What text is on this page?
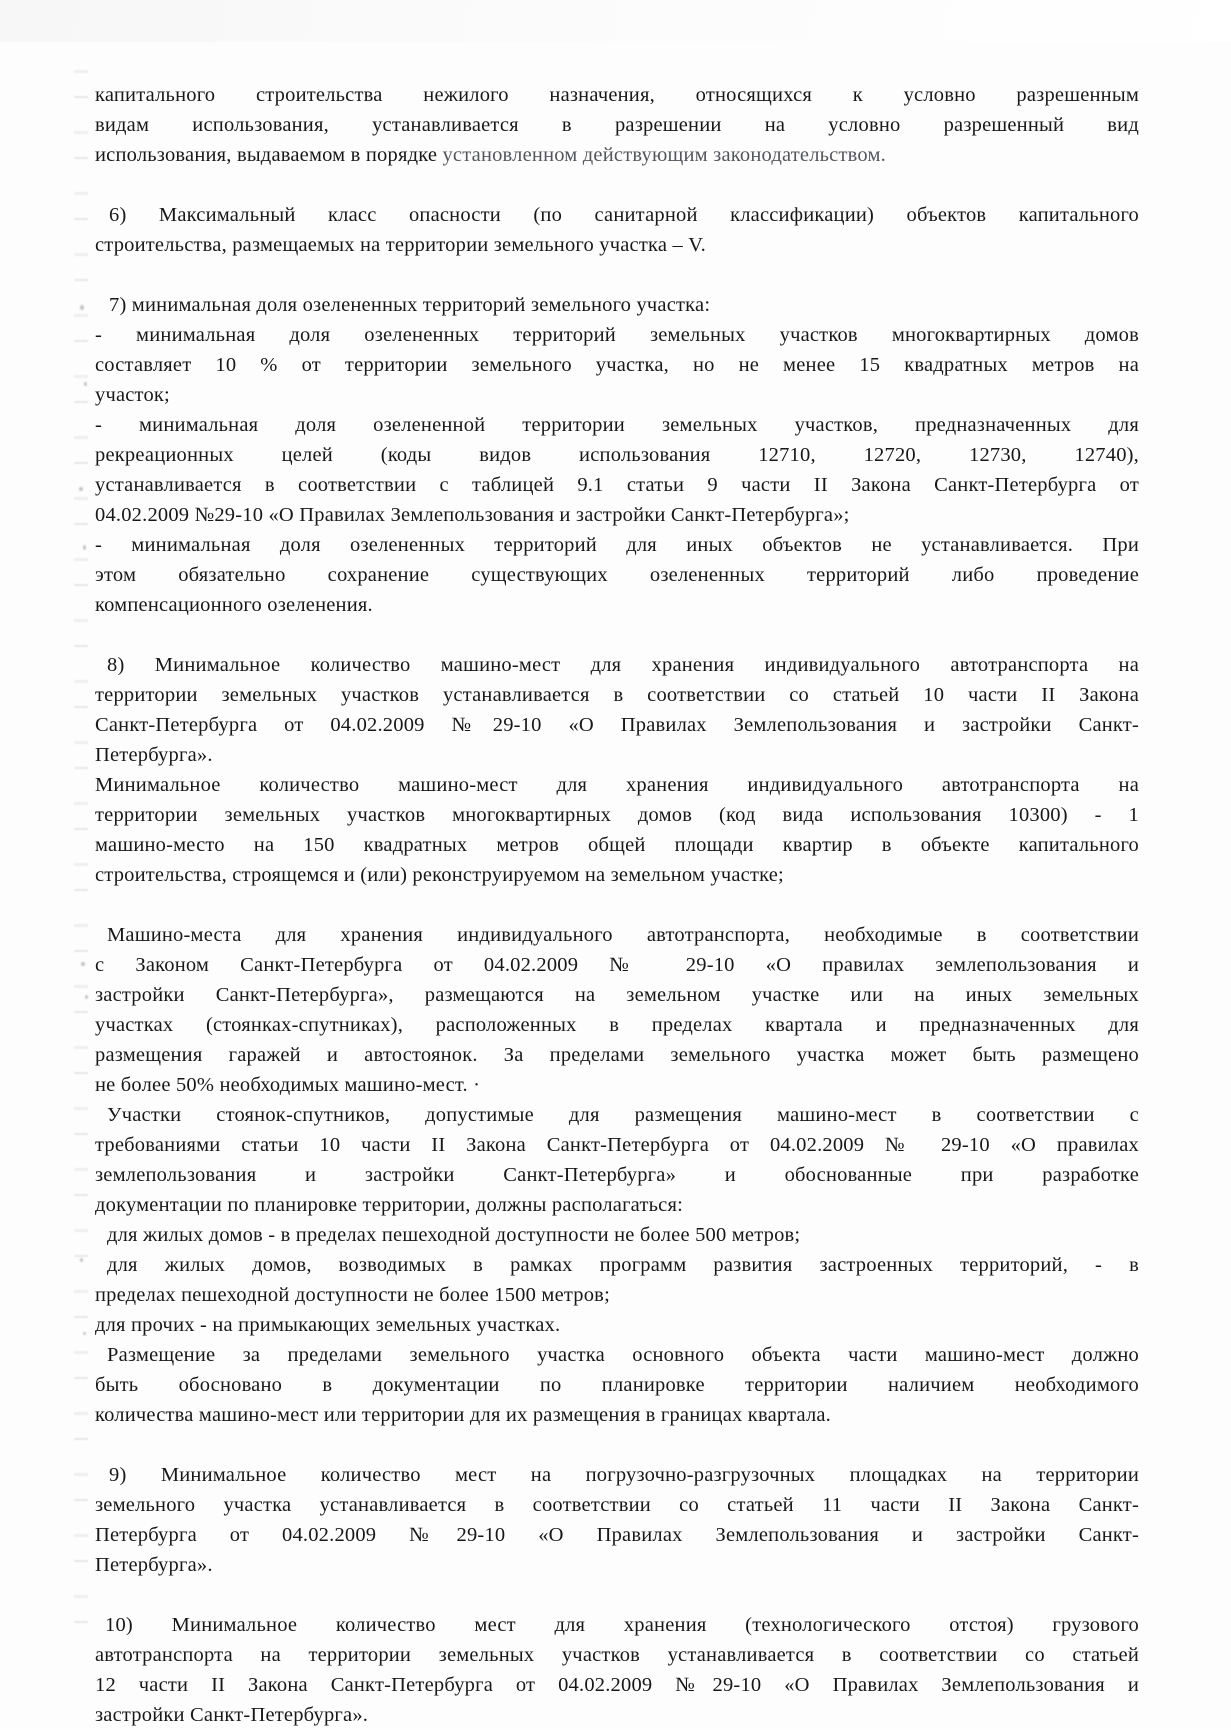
капитального строительства нежилого назначения, относящихся к условно разрешенным
видам использования, устанавливается в разрешении на условно разрешенный вид
использования, выдаваемом в порядке установленном действующим законодательством.
6) Максимальный класс опасности (по санитарной классификации) объектов капитального
строительства, размещаемых на территории земельного участка – V.
7) минимальная доля озелененных территорий земельного участка:
- минимальная доля озелененных территорий земельных участков многоквартирных домов
составляет 10 % от территории земельного участка, но не менее 15 квадратных метров на
участок;
- минимальная доля озелененной территории земельных участков, предназначенных для
рекреационных целей (коды видов использования 12710, 12720, 12730, 12740),
устанавливается в соответствии с таблицей 9.1 статьи 9 части II Закона Санкт-Петербурга от
04.02.2009 №29-10 «О Правилах Землепользования и застройки Санкт-Петербурга»;
- минимальная доля озелененных территорий для иных объектов не устанавливается. При
этом обязательно сохранение существующих озелененных территорий либо проведение
компенсационного озеленения.
8) Минимальное количество машино-мест для хранения индивидуального автотранспорта на
территории земельных участков устанавливается в соответствии со статьей 10 части II Закона
Санкт-Петербурга от 04.02.2009 №29-10 «О Правилах Землепользования и застройки Санкт-
Петербурга».
Минимальное количество машино-мест для хранения индивидуального автотранспорта на
территории земельных участков многоквартирных домов (код вида использования 10300) - 1
машино-место на 150 квадратных метров общей площади квартир в объекте капитального
строительства, строящемся и (или) реконструируемом на земельном участке;
Машино-места для хранения индивидуального автотранспорта, необходимые в соответствии
с Законом Санкт-Петербурга от 04.02.2009 № 29-10 «О правилах землепользования и
застройки Санкт-Петербурга», размещаются на земельном участке или на иных земельных
участках (стоянках-спутниках), расположенных в пределах квартала и предназначенных для
размещения гаражей и автостоянок. За пределами земельного участка может быть размещено
не более 50% необходимых машино-мест. ·
Участки стоянок-спутников, допустимые для размещения машино-мест в соответствии с
требованиями статьи 10 части II Закона Санкт-Петербурга от 04.02.2009 № 29-10 «О правилах
землепользования и застройки Санкт-Петербурга» и обоснованные при разработке
документации по планировке территории, должны располагаться:
для жилых домов - в пределах пешеходной доступности не более 500 метров;
для жилых домов, возводимых в рамках программ развития застроенных территорий, - в
пределах пешеходной доступности не более 1500 метров;
для прочих - на примыкающих земельных участках.
Размещение за пределами земельного участка основного объекта части машино-мест должно
быть обосновано в документации по планировке территории наличием необходимого
количества машино-мест или территории для их размещения в границах квартала.
9) Минимальное количество мест на погрузочно-разгрузочных площадках на территории
земельного участка устанавливается в соответствии со статьей 11 части II Закона Санкт-
Петербурга от 04.02.2009 №29-10 «О Правилах Землепользования и застройки Санкт-
Петербурга».
10) Минимальное количество мест для хранения (технологического отстоя) грузового
автотранспорта на территории земельных участков устанавливается в соответствии со статьей
12 части II Закона Санкт-Петербурга от 04.02.2009 №29-10 «О Правилах Землепользования и
застройки Санкт-Петербурга».
